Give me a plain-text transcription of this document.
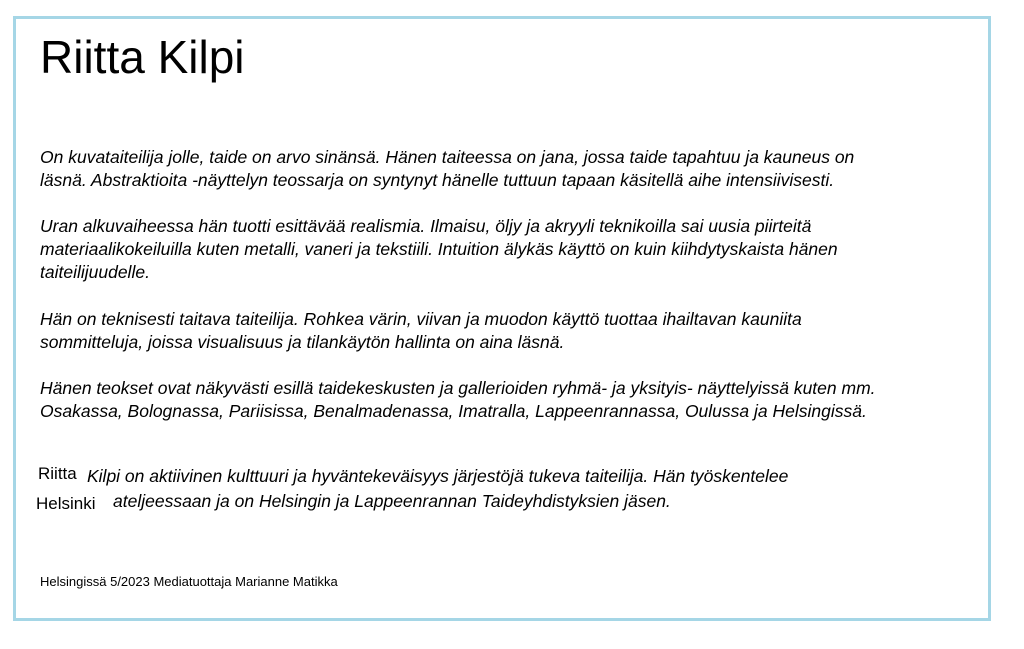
Riitta Kilpi

On kuvataiteilija jolle, taide on arvo sinänsä. Hänen taiteessa on jana, jossa taide tapahtuu ja kauneus on
läsnä. Abstraktioita -näyttelyn teossarja on syntynyt hänelle tuttuun tapaan käsitellä aihe intensiivisesti.

Uran alkuvaiheessa hän tuotti esittävää realismia. Ilmaisu, öljy ja akryyli teknikoilla sai uusia piirteitä
materiaalikokeiluilla kuten metalli, vaneri ja tekstiili. Intuition älykäs käyttö on kuin kiihdytyskaista hänen
taiteilijuudelle.

Hän on teknisesti taitava taiteilija. Rohkea värin, viivan ja muodon käyttö tuottaa ihailtavan kauniita
sommitteluja, joissa visualisuus ja tilankäytön hallinta on aina läsnä.

Hänen teokset ovat näkyvästi esillä taidekeskusten ja gallerioiden ryhmä- ja yksityis- näyttelyissä kuten mm.
Osakassa, Bolognassa, Pariisissa, Benalmadenassa, Imatralla, Lappeenrannassa, Oulussa ja Helsingissä.

Riitta Kilpi on aktiivinen kulttuuri ja hyväntekeväisyys järjestöjä tukeva taiteilija. Hän työskentelee
Helsinki ateljeessaan ja on Helsingin ja Lappeenrannan Taideyhdistyksien jäsen.

Helsingissä 5/2023 Mediatuottaja Marianne Matikka
